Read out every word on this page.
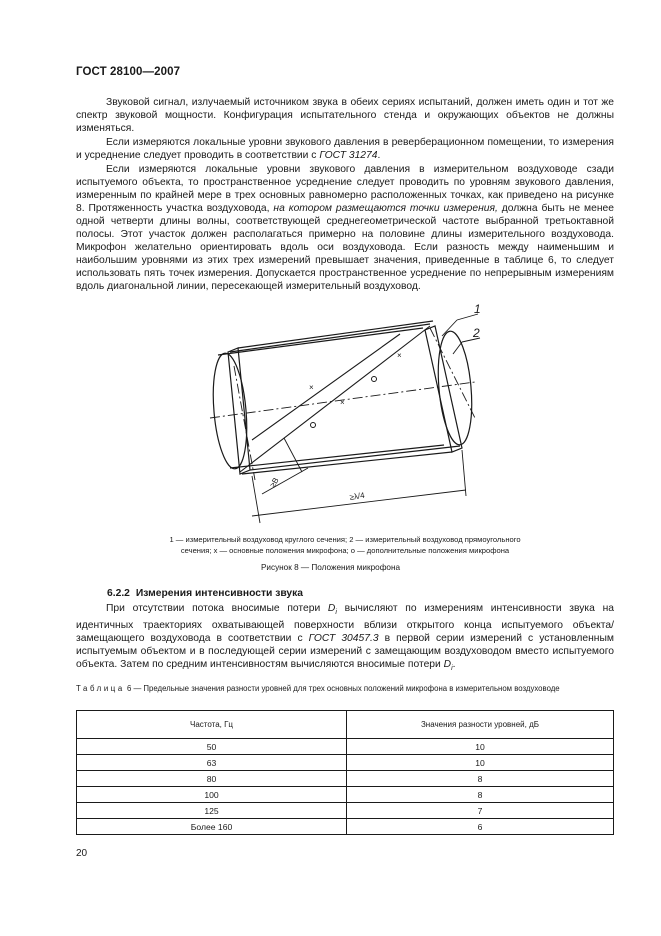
ГОСТ 28100—2007

Звуковой сигнал, излучаемый источником звука в обеих сериях испытаний, должен иметь один и тот же спектр звуковой мощности. Конфигурация испытательного стенда и окружающих объектов не должны изменяться.

Если измеряются локальные уровни звукового давления в реверберационном помещении, то измерения и усреднение следует проводить в соответствии с ГОСТ 31274.

Если измеряются локальные уровни звукового давления в измерительном воздуховоде сзади испытуемого объекта, то пространственное усреднение следует проводить по уровням звукового давления, измеренным по крайней мере в трех основных равномерно расположенных точках, как приведено на рисунке 8. Протяженность участка воздуховода, на котором размещаются точки измерения, должна быть не менее одной четверти длины волны, соответствующей среднегеометрической частоте выбранной третьоктавной полосы. Этот участок должен располагаться примерно на половине длины измерительного воздуховода. Микрофон желательно ориентировать вдоль оси воздуховода. Если разность между наименьшим и наибольшим уровнями из этих трех измерений превышает значения, приведенные в таблице 6, то следует использовать пять точек измерения. Допускается пространственное усреднение по непрерывным измерениям вдоль диагональной линии, пересекающей измерительный воздуховод.

×
×
×
1
2
≥B
≥λ/4

1 — измерительный воздуховод круглого сечения; 2 — измерительный воздуховод прямоугольного
сечения; x — основные положения микрофона; o — дополнительные положения микрофона

Рисунок 8 — Положения микрофона
6.2.2 Измерения интенсивности звука

При отсутствии потока вносимые потери $D_i$ вычисляют по измерениям интенсивности звука на идентичных траекториях охватывающей поверхности вблизи открытого конца испытуемого объекта/замещающего воздуховода в соответствии с ГОСТ 30457.3 в первой серии измерений с установленным испытуемым объектом и в последующей серии измерений с замещающим воздуховодом вместо испытуемого объекта. Затем по средним интенсивностям вычисляются вносимые потери $D_i$.

Таблица 6 — Предельные значения разности уровней для трех основных положений микрофона в измерительном воздуховоде

Частота, Гц	Значения разности уровней, дБ
50	10
63	10
80	8
100	8
125	7
Более 160	6
20
